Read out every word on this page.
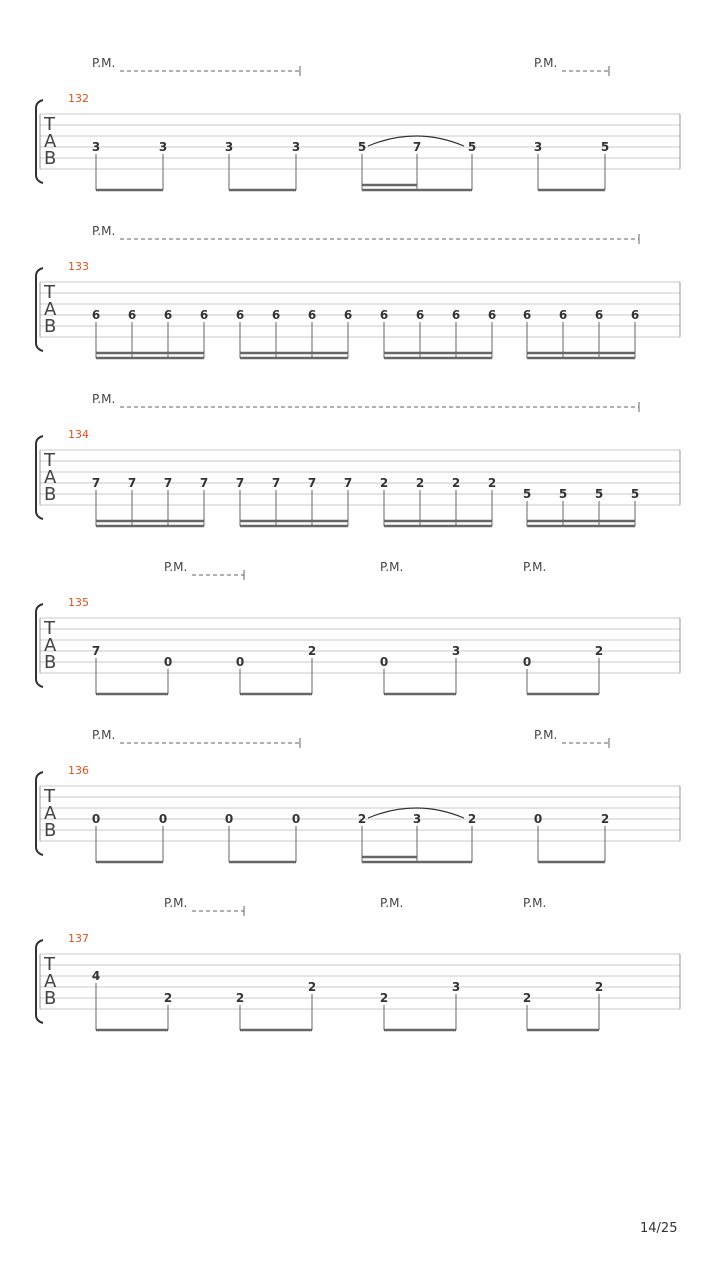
P.M.	P.M.
132
T
A
B
3	3	3	3	5	7	5	3	5
P.M.
133
T
A
B
6 6 6 6 6 6 6 6 6 6 6 6 6 6 6 6
P.M.
134
T
A
B
7 7 7 7 7 7 7 7 2 2 2 2
5 5 5 5
P.M.	P.M.	P.M.
135
T
A
B
7
0	0
2
0
3
0
2
P.M.	P.M.
136
T
A
B
0	0	0	0	2	3	2	0	2
P.M.	P.M.	P.M.
137
T
A
B
4
2	2
2
2
3
2
2
14/25
